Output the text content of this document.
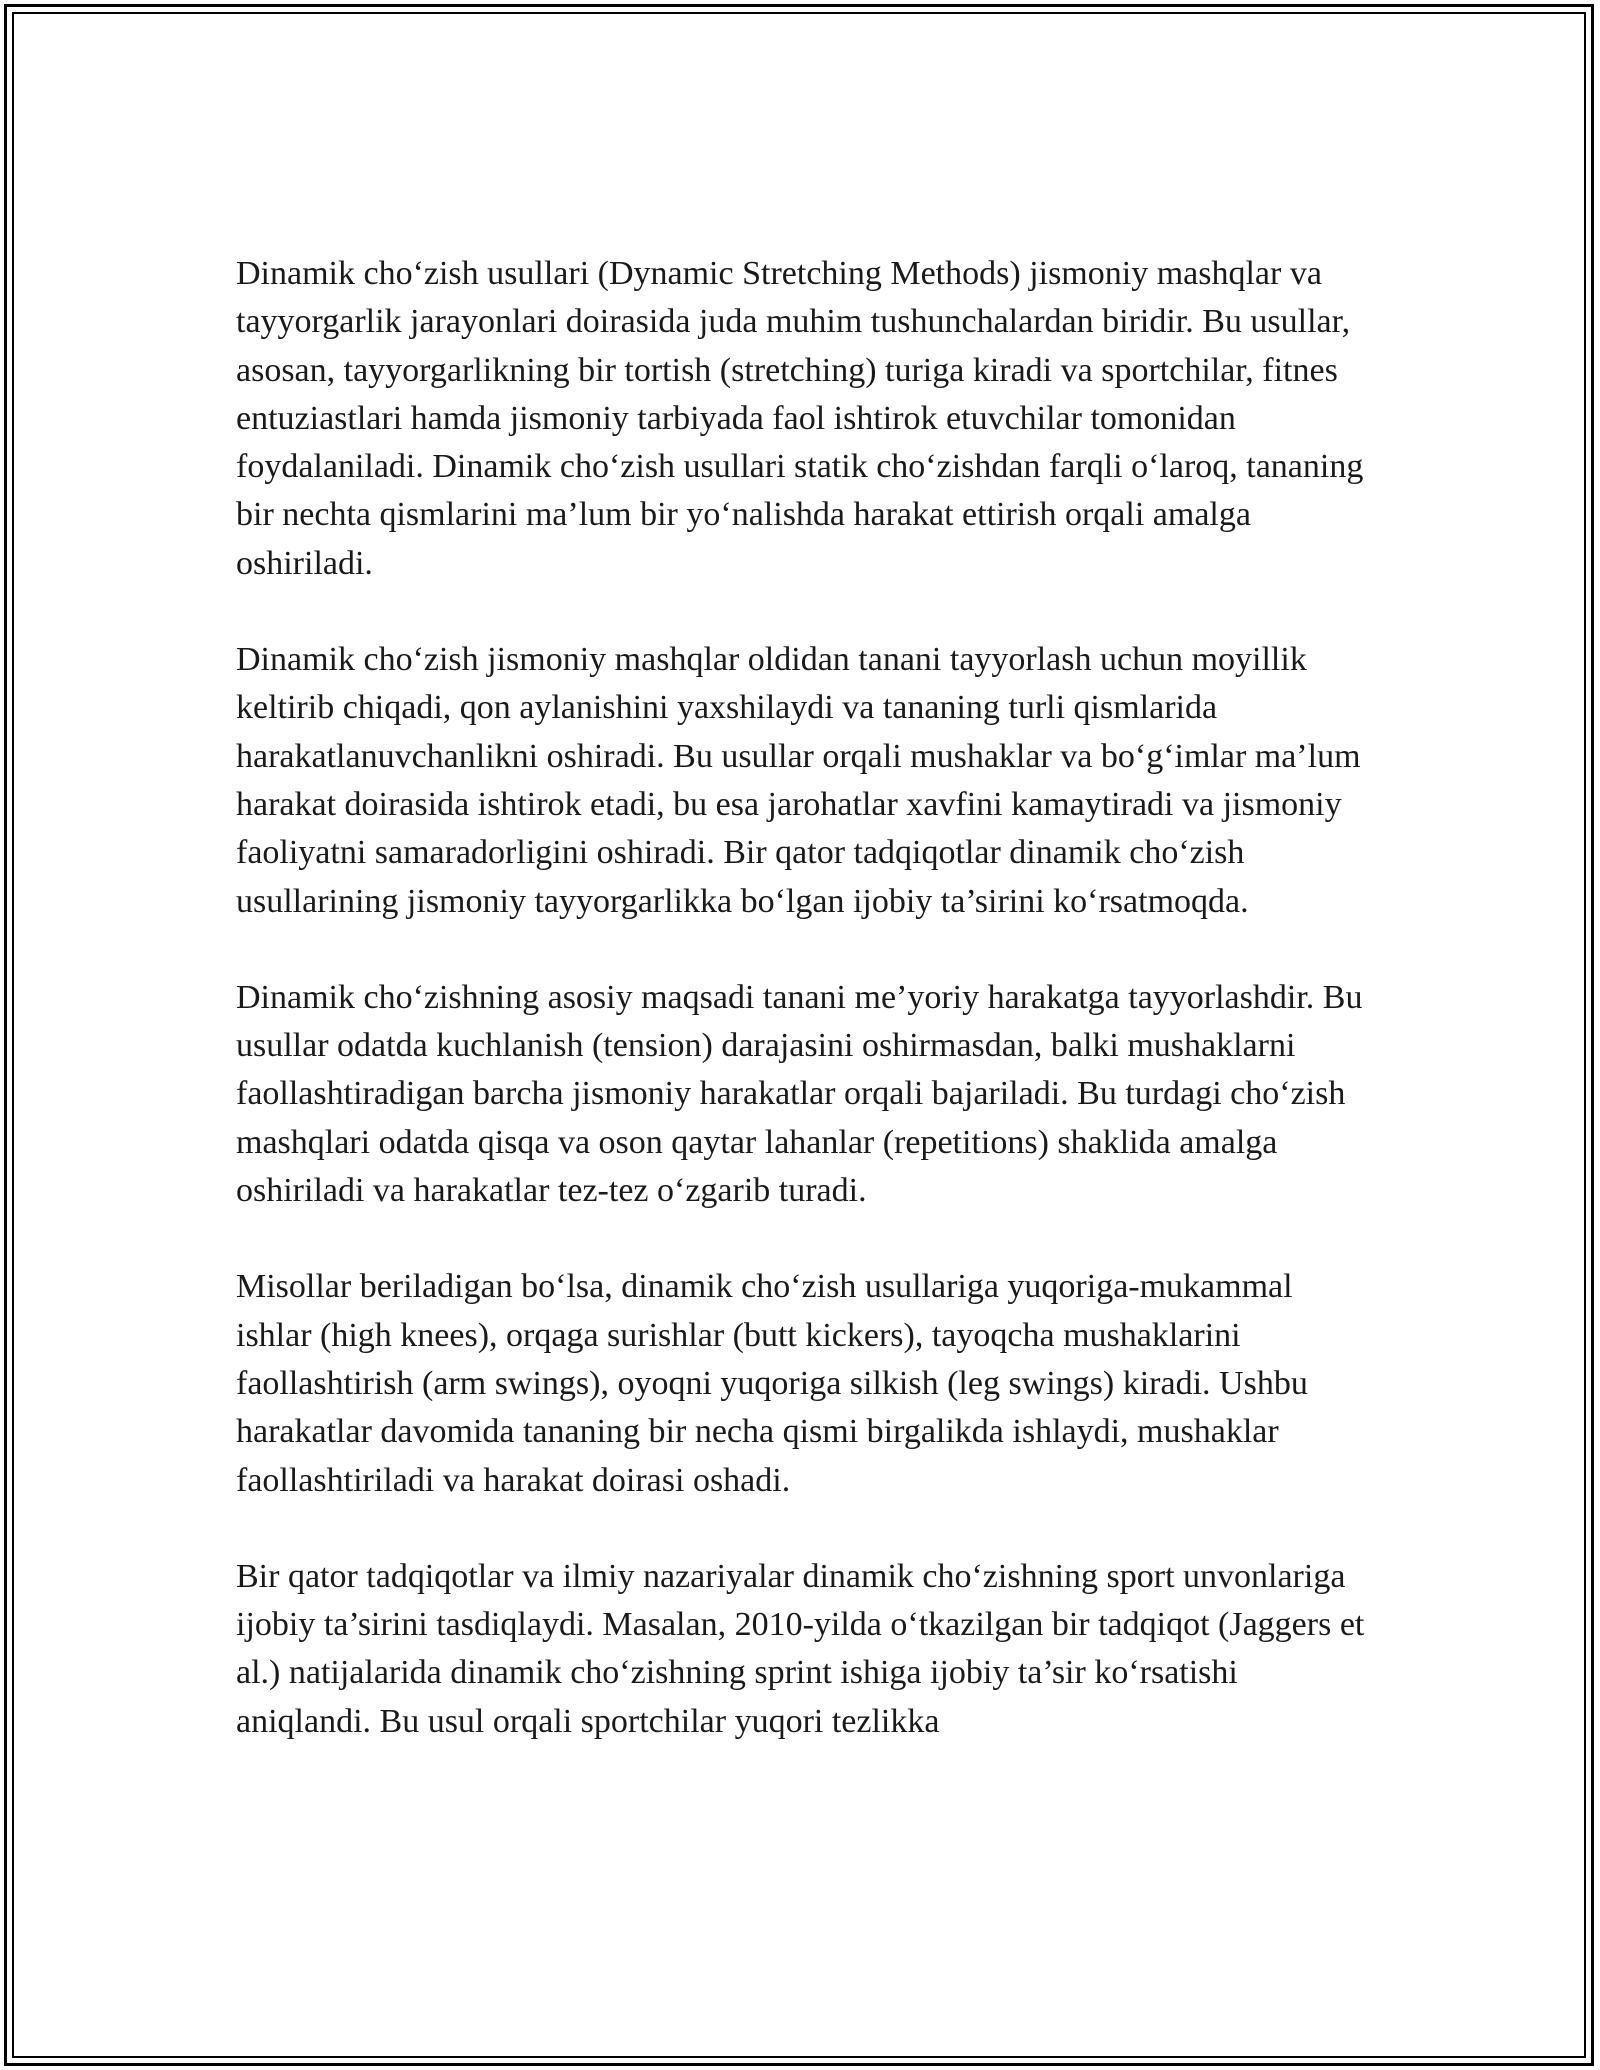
Dinamik cho‘zish usullari (Dynamic Stretching Methods) jismoniy mashqlar va tayyorgarlik jarayonlari doirasida juda muhim tushunchalardan biridir. Bu usullar, asosan, tayyorgarlikning bir tortish (stretching) turiga kiradi va sportchilar, fitnes entuziastlari hamda jismoniy tarbiyada faol ishtirok etuvchilar tomonidan foydalaniladi. Dinamik cho‘zish usullari statik cho‘zishdan farqli o‘laroq, tananing bir nechta qismlarini ma’lum bir yo‘nalishda harakat ettirish orqali amalga oshiriladi.

Dinamik cho‘zish jismoniy mashqlar oldidan tanani tayyorlash uchun moyillik keltirib chiqadi, qon aylanishini yaxshilaydi va tananing turli qismlarida harakatlanuvchanlikni oshiradi. Bu usullar orqali mushaklar va bo‘g‘imlar ma’lum harakat doirasida ishtirok etadi, bu esa jarohatlar xavfini kamaytiradi va jismoniy faoliyatni samaradorligini oshiradi. Bir qator tadqiqotlar dinamik cho‘zish usullarining jismoniy tayyorgarlikka bo‘lgan ijobiy ta’sirini ko‘rsatmoqda.

Dinamik cho‘zishning asosiy maqsadi tanani me’yoriy harakatga tayyorlashdir. Bu usullar odatda kuchlanish (tension) darajasini oshirmasdan, balki mushaklarni faollashtiradigan barcha jismoniy harakatlar orqali bajariladi. Bu turdagi cho‘zish mashqlari odatda qisqa va oson qaytar lahanlar (repetitions) shaklida amalga oshiriladi va harakatlar tez-tez o‘zgarib turadi.

Misollar beriladigan bo‘lsa, dinamik cho‘zish usullariga yuqoriga-mukammal ishlar (high knees), orqaga surishlar (butt kickers), tayoqcha mushaklarini faollashtirish (arm swings), oyoqni yuqoriga silkish (leg swings) kiradi. Ushbu harakatlar davomida tananing bir necha qismi birgalikda ishlaydi, mushaklar faollashtiriladi va harakat doirasi oshadi.

Bir qator tadqiqotlar va ilmiy nazariyalar dinamik cho‘zishning sport unvonlariga ijobiy ta’sirini tasdiqlaydi. Masalan, 2010-yilda o‘tkazilgan bir tadqiqot (Jaggers et al.) natijalarida dinamik cho‘zishning sprint ishiga ijobiy ta’sir ko‘rsatishi aniqlandi. Bu usul orqali sportchilar yuqori tezlikka
